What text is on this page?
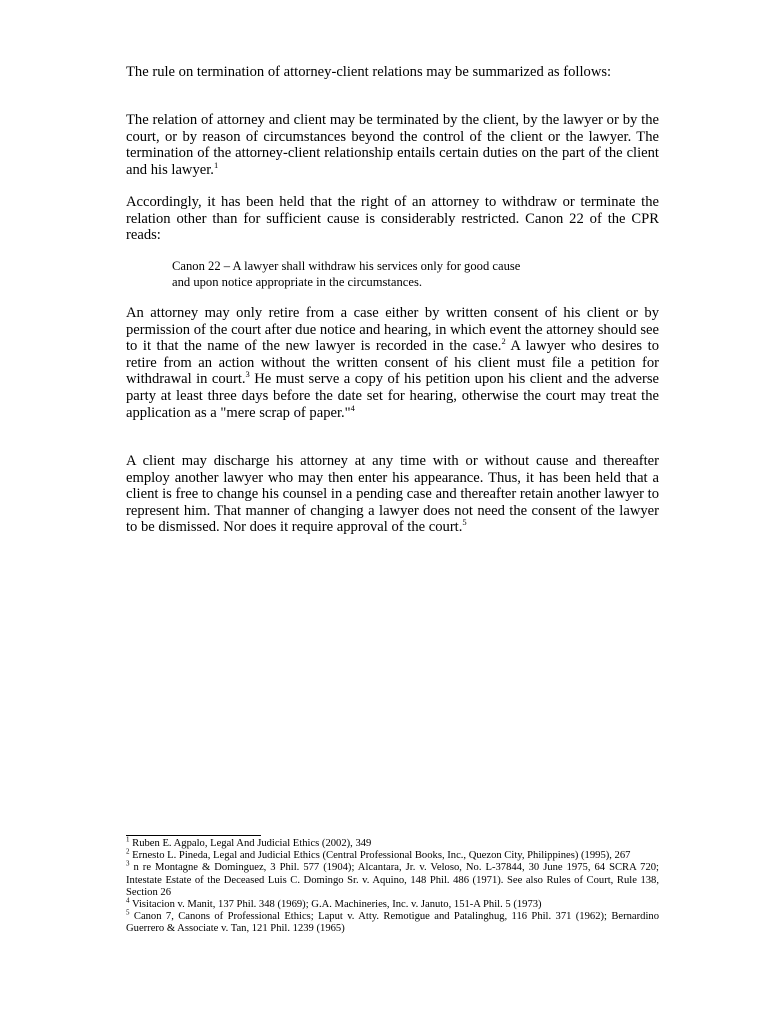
The rule on termination of attorney-client relations may be summarized as follows:

The relation of attorney and client may be terminated by the client, by the lawyer or by the court, or by reason of circumstances beyond the control of the client or the lawyer. The termination of the attorney-client relationship entails certain duties on the part of the client and his lawyer.$^1$

Accordingly, it has been held that the right of an attorney to withdraw or terminate the relation other than for sufficient cause is considerably restricted. Canon 22 of the CPR reads:

Canon 22 – A lawyer shall withdraw his services only for good cause
and upon notice appropriate in the circumstances.

An attorney may only retire from a case either by written consent of his client or by permission of the court after due notice and hearing, in which event the attorney should see to it that the name of the new lawyer is recorded in the case.$^2$ A lawyer who desires to retire from an action without the written consent of his client must file a petition for withdrawal in court.$^3$ He must serve a copy of his petition upon his client and the adverse party at least three days before the date set for hearing, otherwise the court may treat the application as a "mere scrap of paper."$^4$

A client may discharge his attorney at any time with or without cause and thereafter employ another lawyer who may then enter his appearance. Thus, it has been held that a client is free to change his counsel in a pending case and thereafter retain another lawyer to represent him. That manner of changing a lawyer does not need the consent of the lawyer to be dismissed. Nor does it require approval of the court.$^5$

$^1$ Ruben E. Agpalo, Legal And Judicial Ethics (2002), 349

$^2$ Ernesto L. Pineda, Legal and Judicial Ethics (Central Professional Books, Inc., Quezon City, Philippines) (1995), 267

$^3$ n re Montagne & Dominguez, 3 Phil. 577 (1904); Alcantara, Jr. v. Veloso, No. L-37844, 30 June 1975, 64 SCRA 720; Intestate Estate of the Deceased Luis C. Domingo Sr. v. Aquino, 148 Phil. 486 (1971). See also Rules of Court, Rule 138, Section 26

$^4$ Visitacion v. Manit, 137 Phil. 348 (1969); G.A. Machineries, Inc. v. Januto, 151-A Phil. 5 (1973)

$^5$ Canon 7, Canons of Professional Ethics; Laput v. Atty. Remotigue and Patalinghug, 116 Phil. 371 (1962); Bernardino Guerrero & Associate v. Tan, 121 Phil. 1239 (1965)
